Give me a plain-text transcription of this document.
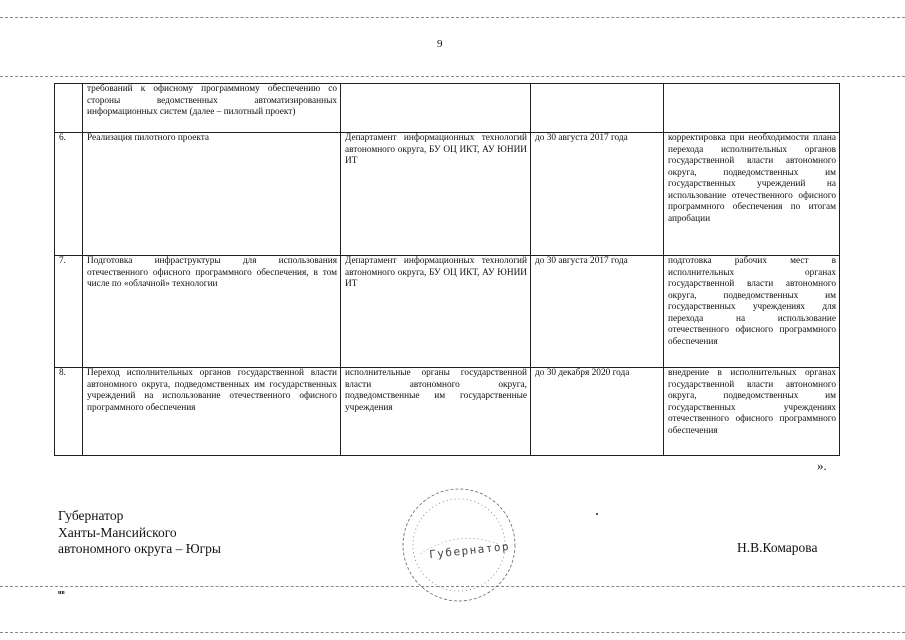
9
	требований к офисному программному обеспечению со стороны ведомственных автоматизированных информационных систем (далее – пилотный проект)			
6.	Реализация пилотного проекта	Департамент информационных технологий автономного округа, БУ ОЦ ИКТ, АУ ЮНИИ ИТ	до 30 августа 2017 года	корректировка при необходимости плана перехода исполнительных органов государственной власти автономного округа, подведомственных им государственных учреждений на использование отечественного офисного программного обеспечения по итогам апробации
7.	Подготовка инфраструктуры для использования отечественного офисного программного обеспечения, в том числе по «облачной» технологии	Департамент информационных технологий автономного округа, БУ ОЦ ИКТ, АУ ЮНИИ ИТ	до 30 августа 2017 года	подготовка рабочих мест в исполнительных органах государственной власти автономного округа, подведомственных им государственных учреждениях для перехода на использование отечественного офисного программного обеспечения
8.	Переход исполнительных органов государственной власти автономного округа, подведомственных им государственных учреждений на использование отечественного офисного программного обеспечения	исполнительные органы государственной власти автономного округа, подведомственные им государственные учреждения	до 30 декабря 2020 года	внедрение в исполнительных органах государственной власти автономного округа, подведомственных им государственных учреждениях отечественного офисного программного обеспечения
».
Губернатор
Ханты-Мансийского
автономного округа – Югры	Губернатор	Н.В.Комарова
нв
